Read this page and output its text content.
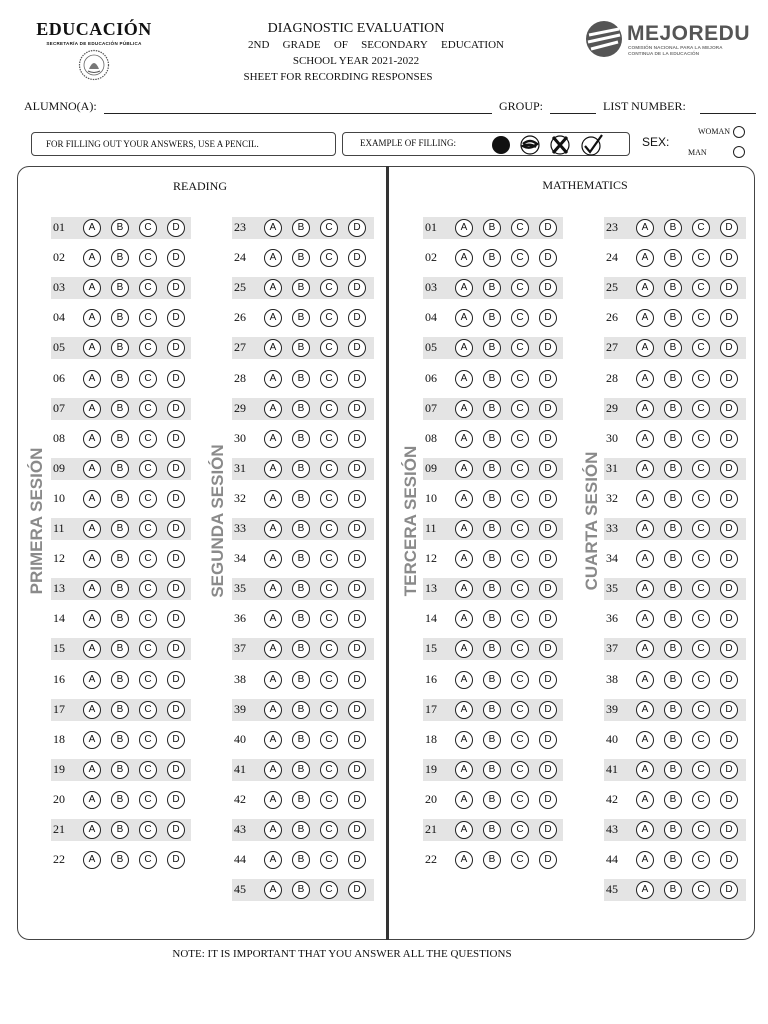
EDUCACIÓN
SECRETARÍA DE EDUCACIÓN PÚBLICA
DIAGNOSTIC EVALUATION
2ND GRADE OF SECONDARY EDUCATION
SCHOOL YEAR 2021-2022
SHEET FOR RECORDING RESPONSES
MEJOREDU
COMISIÓN NACIONAL PARA LA MEJORA
CONTINUA DE LA EDUCACIÓN
ALUMNO(A):	GROUP:	LIST NUMBER:
FOR FILLING OUT YOUR ANSWERS, USE A PENCIL.	EXAMPLE OF FILLING:	SEX:
WOMAN
MAN
READING	MATHEMATICS
PRIMERA SESIÓN	SEGUNDA SESIÓN	TERCERA SESIÓN	CUARTA SESIÓN
01	A	B	C	D
02	A	B	C	D
03	A	B	C	D
04	A	B	C	D
05	A	B	C	D
06	A	B	C	D
07	A	B	C	D
08	A	B	C	D
09	A	B	C	D
10	A	B	C	D
11	A	B	C	D
12	A	B	C	D
13	A	B	C	D
14	A	B	C	D
15	A	B	C	D
16	A	B	C	D
17	A	B	C	D
18	A	B	C	D
19	A	B	C	D
20	A	B	C	D
21	A	B	C	D
22	A	B	C	D
23	A	B	C	D
24	A	B	C	D
25	A	B	C	D
26	A	B	C	D
27	A	B	C	D
28	A	B	C	D
29	A	B	C	D
30	A	B	C	D
31	A	B	C	D
32	A	B	C	D
33	A	B	C	D
34	A	B	C	D
35	A	B	C	D
36	A	B	C	D
37	A	B	C	D
38	A	B	C	D
39	A	B	C	D
40	A	B	C	D
41	A	B	C	D
42	A	B	C	D
43	A	B	C	D
44	A	B	C	D
45	A	B	C	D
01	A	B	C	D
02	A	B	C	D
03	A	B	C	D
04	A	B	C	D
05	A	B	C	D
06	A	B	C	D
07	A	B	C	D
08	A	B	C	D
09	A	B	C	D
10	A	B	C	D
11	A	B	C	D
12	A	B	C	D
13	A	B	C	D
14	A	B	C	D
15	A	B	C	D
16	A	B	C	D
17	A	B	C	D
18	A	B	C	D
19	A	B	C	D
20	A	B	C	D
21	A	B	C	D
22	A	B	C	D
23	A	B	C	D
24	A	B	C	D
25	A	B	C	D
26	A	B	C	D
27	A	B	C	D
28	A	B	C	D
29	A	B	C	D
30	A	B	C	D
31	A	B	C	D
32	A	B	C	D
33	A	B	C	D
34	A	B	C	D
35	A	B	C	D
36	A	B	C	D
37	A	B	C	D
38	A	B	C	D
39	A	B	C	D
40	A	B	C	D
41	A	B	C	D
42	A	B	C	D
43	A	B	C	D
44	A	B	C	D
45	A	B	C	D
NOTE: IT IS IMPORTANT THAT YOU ANSWER ALL THE QUESTIONS
